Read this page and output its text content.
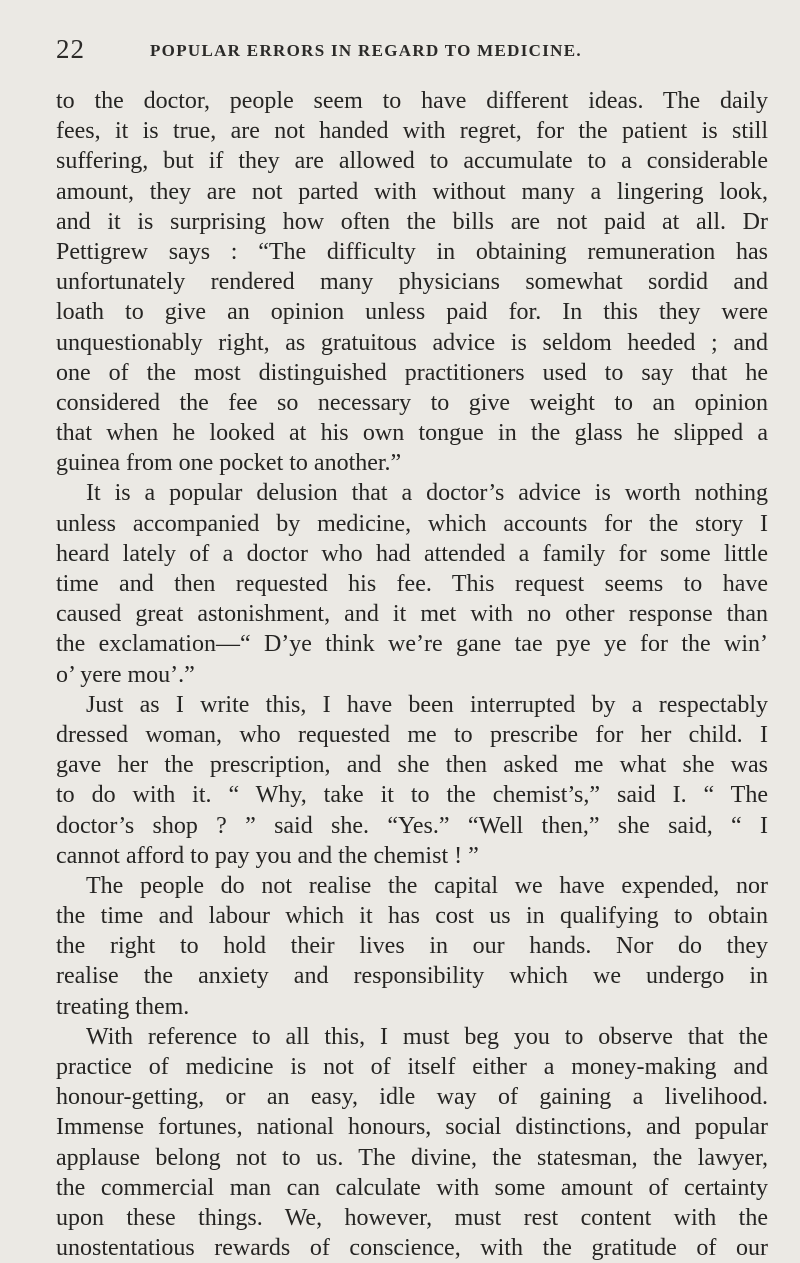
22	POPULAR ERRORS IN REGARD TO MEDICINE.
to the doctor, people seem to have different ideas. The daily
fees, it is true, are not handed with regret, for the patient is still
suffering, but if they are allowed to accumulate to a considerable
amount, they are not parted with without many a lingering look,
and it is surprising how often the bills are not paid at all. Dr
Pettigrew says : “The difficulty in obtaining remuneration has
unfortunately rendered many physicians somewhat sordid and
loath to give an opinion unless paid for. In this they were
unquestionably right, as gratuitous advice is seldom heeded ; and
one of the most distinguished practitioners used to say that he
considered the fee so necessary to give weight to an opinion
that when he looked at his own tongue in the glass he slipped a
guinea from one pocket to another.”
It is a popular delusion that a doctor’s advice is worth nothing
unless accompanied by medicine, which accounts for the story I
heard lately of a doctor who had attended a family for some little
time and then requested his fee. This request seems to have
caused great astonishment, and it met with no other response than
the exclamation—“ D’ye think we’re gane tae pye ye for the win’
o’ yere mou’.”
Just as I write this, I have been interrupted by a respectably
dressed woman, who requested me to prescribe for her child. I
gave her the prescription, and she then asked me what she was
to do with it. “ Why, take it to the chemist’s,” said I. “ The
doctor’s shop ? ” said she. “Yes.” “Well then,” she said, “ I
cannot afford to pay you and the chemist ! ”
The people do not realise the capital we have expended, nor
the time and labour which it has cost us in qualifying to obtain
the right to hold their lives in our hands. Nor do they
realise the anxiety and responsibility which we undergo in
treating them.
With reference to all this, I must beg you to observe that the
practice of medicine is not of itself either a money-making and
honour-getting, or an easy, idle way of gaining a livelihood.
Immense fortunes, national honours, social distinctions, and popular
applause belong not to us. The divine, the statesman, the lawyer,
the commercial man can calculate with some amount of certainty
upon these things. We, however, must rest content with the
unostentatious rewards of conscience, with the gratitude of our
